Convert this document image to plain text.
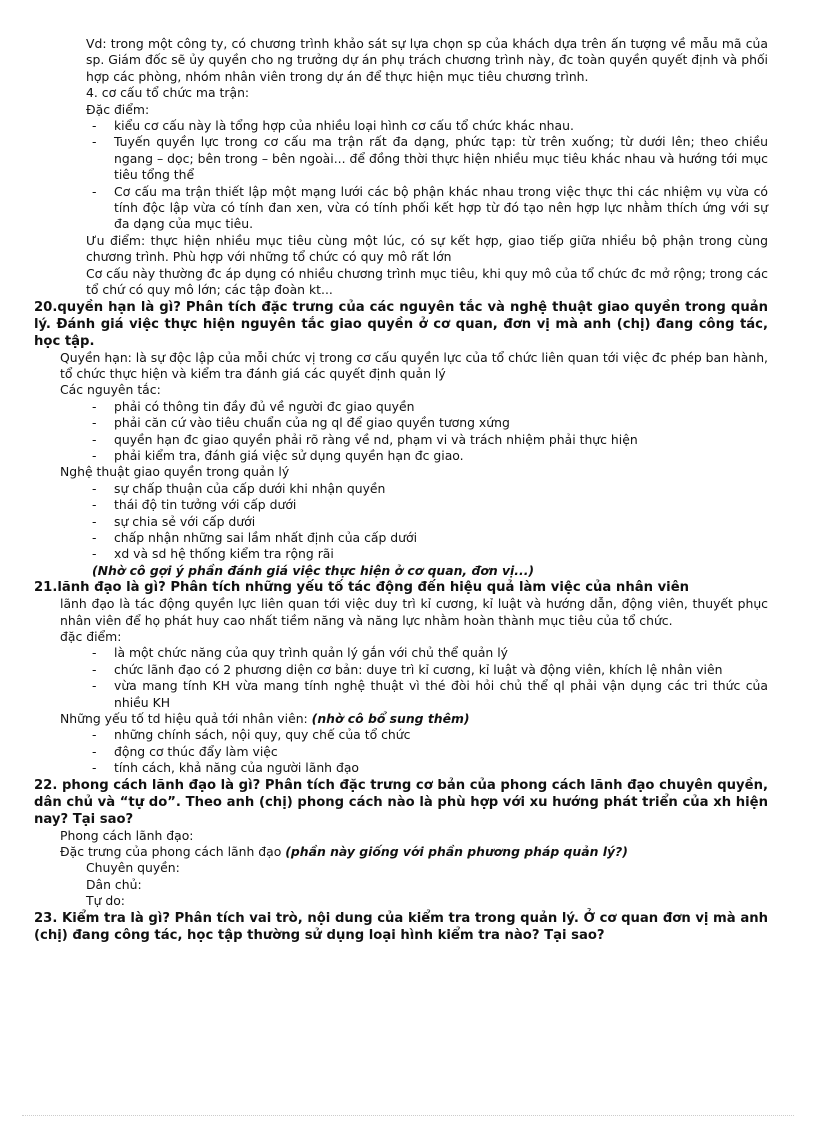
Vd: trong một công ty, có chương trình khảo sát sự lựa chọn sp của khách dựa trên ấn tượng về mẫu mã của sp. Giám đốc sẽ ủy quyền cho ng trưởng dự án phụ trách chương trình này, đc toàn quyền quyết định và phối hợp các phòng, nhóm nhân viên trong dự án để thực hiện mục tiêu chương trình.

4. cơ cấu tổ chức ma trận:

Đặc điểm:

- kiểu cơ cấu này là tổng hợp của nhiều loại hình cơ cấu tổ chức khác nhau.
- Tuyến quyền lực trong cơ cấu ma trận rất đa dạng, phức tạp: từ trên xuống; từ dưới lên; theo chiều ngang – dọc; bên trong – bên ngoài... để đồng thời thực hiện nhiều mục tiêu khác nhau và hướng tới mục tiêu tổng thể
- Cơ cấu ma trận thiết lập một mạng lưới các bộ phận khác nhau trong việc thực thi các nhiệm vụ vừa có tính độc lập vừa có tính đan xen, vừa có tính phối kết hợp từ đó tạo nên hợp lực nhằm thích ứng với sự đa dạng của mục tiêu.

Ưu điểm: thực hiện nhiều mục tiêu cùng một lúc, có sự kết hợp, giao tiếp giữa nhiều bộ phận trong cùng chương trình. Phù hợp với những tổ chức có quy mô rất lớn

Cơ cấu này thường đc áp dụng có nhiều chương trình mục tiêu, khi quy mô của tổ chức đc mở rộng; trong các tổ chứ có quy mô lớn; các tập đoàn kt...

20.quyền hạn là gì? Phân tích đặc trưng của các nguyên tắc và nghệ thuật giao quyền trong quản lý. Đánh giá việc thực hiện nguyên tắc giao quyền ở cơ quan, đơn vị mà anh (chị) đang công tác, học tập.

Quyền hạn: là sự độc lập của mỗi chức vị trong cơ cấu quyền lực của tổ chức liên quan tới việc đc phép ban hành, tổ chức thực hiện và kiểm tra đánh giá các quyết định quản lý

Các nguyên tắc:

- phải có thông tin đầy đủ về người đc giao quyền
- phải căn cứ vào tiêu chuẩn của ng ql để giao quyền tương xứng
- quyền hạn đc giao quyền phải rõ ràng về nd, phạm vi và trách nhiệm phải thực hiện
- phải kiểm tra, đánh giá việc sử dụng quyền hạn đc giao.

Nghệ thuật giao quyền trong quản lý

- sự chấp thuận của cấp dưới khi nhận quyền
- thái độ tin tưởng với cấp dưới
- sự chia sẻ với cấp dưới
- chấp nhận những sai lầm nhất định của cấp dưới
- xd và sd hệ thống kiểm tra rộng rãi

(Nhờ cô gợi ý phần đánh giá việc thực hiện ở cơ quan, đơn vị...)

21.lãnh đạo là gì? Phân tích những yếu tố tác động đến hiệu quả làm việc của nhân viên

lãnh đạo là tác động quyền lực liên quan tới việc duy trì kỉ cương, kỉ luật và hướng dẫn, động viên, thuyết phục nhân viên để họ phát huy cao nhất tiềm năng và năng lực nhằm hoàn thành mục tiêu của tổ chức.

đặc điểm:

- là một chức năng của quy trình quản lý gắn với chủ thể quản lý
- chức lãnh đạo có 2 phương diện cơ bản: duye trì kỉ cương, kỉ luật và động viên, khích lệ nhân viên
- vừa mang tính KH vừa mang tính nghệ thuật vì thé đòi hỏi chủ thể ql phải vận dụng các tri thức của nhiều KH

Những yếu tố td hiệu quả tới nhân viên: (nhờ cô bổ sung thêm)

- những chính sách, nội quy, quy chế của tổ chức
- động cơ thúc đẩy làm việc
- tính cách, khả năng của người lãnh đạo

22. phong cách lãnh đạo là gì? Phân tích đặc trưng cơ bản của phong cách lãnh đạo chuyên quyền, dân chủ và “tự do”. Theo anh (chị) phong cách nào là phù hợp với xu hướng phát triển của xh hiện nay? Tại sao?

Phong cách lãnh đạo:

Đặc trưng của phong cách lãnh đạo (phần này giống với phần phương pháp quản lý?)

Chuyên quyền:

Dân chủ:

Tự do:

23. Kiểm tra là gì? Phân tích vai trò, nội dung của kiểm tra trong quản lý. Ở cơ quan đơn vị mà anh (chị) đang công tác, học tập thường sử dụng loại hình kiểm tra nào? Tại sao?
